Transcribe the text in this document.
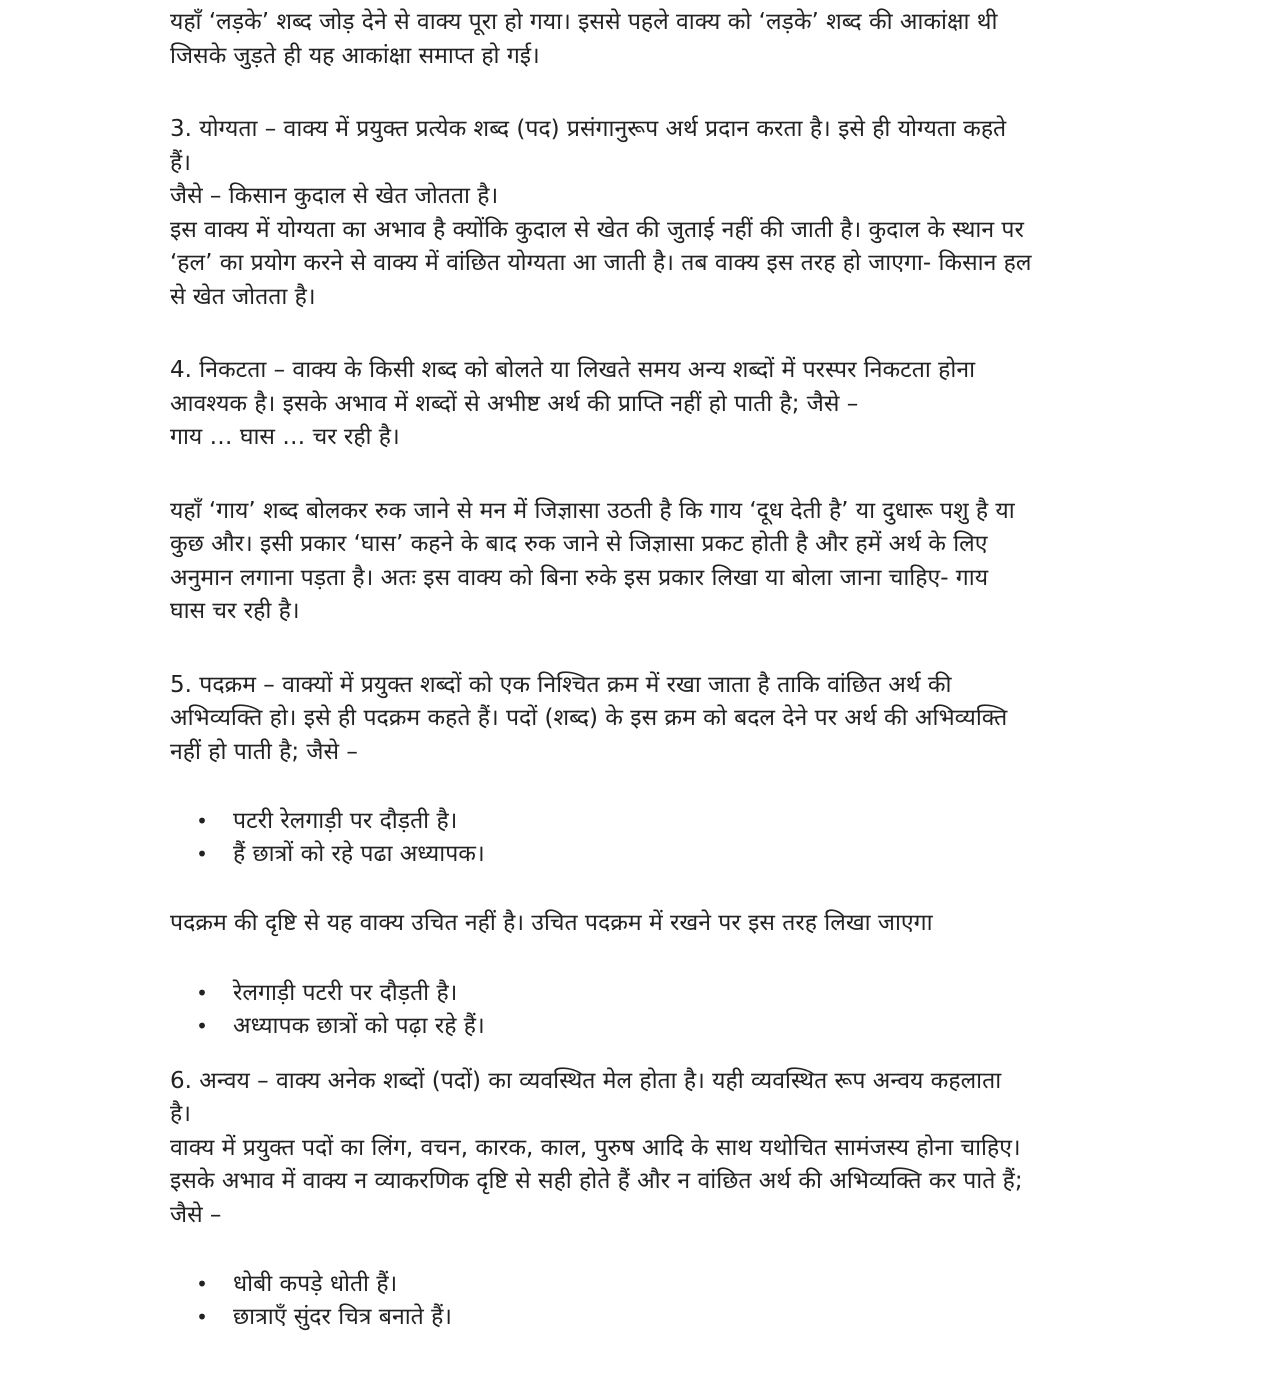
यहाँ ‘लड़के’ शब्द जोड़ देने से वाक्य पूरा हो गया। इससे पहले वाक्य को ‘लड़के’ शब्द की आकांक्षा थी

जिसके जुड़ते ही यह आकांक्षा समाप्त हो गई।

3. योग्यता – वाक्य में प्रयुक्त प्रत्येक शब्द (पद) प्रसंगानुरूप अर्थ प्रदान करता है। इसे ही योग्यता कहते

हैं।

जैसे – किसान कुदाल से खेत जोतता है।

इस वाक्य में योग्यता का अभाव है क्योंकि कुदाल से खेत की जुताई नहीं की जाती है। कुदाल के स्थान पर

‘हल’ का प्रयोग करने से वाक्य में वांछित योग्यता आ जाती है। तब वाक्य इस तरह हो जाएगा- किसान हल

से खेत जोतता है।

4. निकटता – वाक्य के किसी शब्द को बोलते या लिखते समय अन्य शब्दों में परस्पर निकटता होना

आवश्यक है। इसके अभाव में शब्दों से अभीष्ट अर्थ की प्राप्ति नहीं हो पाती है; जैसे –

गाय … घास … चर रही है।

यहाँ ‘गाय’ शब्द बोलकर रुक जाने से मन में जिज्ञासा उठती है कि गाय ‘दूध देती है’ या दुधारू पशु है या

कुछ और। इसी प्रकार ‘घास’ कहने के बाद रुक जाने से जिज्ञासा प्रकट होती है और हमें अर्थ के लिए

अनुमान लगाना पड़ता है। अतः इस वाक्य को बिना रुके इस प्रकार लिखा या बोला जाना चाहिए- गाय

घास चर रही है।

5. पदक्रम – वाक्यों में प्रयुक्त शब्दों को एक निश्चित क्रम में रखा जाता है ताकि वांछित अर्थ की

अभिव्यक्ति हो। इसे ही पदक्रम कहते हैं। पदों (शब्द) के इस क्रम को बदल देने पर अर्थ की अभिव्यक्ति

नहीं हो पाती है; जैसे –

• पटरी रेलगाड़ी पर दौड़ती है।
• हैं छात्रों को रहे पढा अध्यापक।

पदक्रम की दृष्टि से यह वाक्य उचित नहीं है। उचित पदक्रम में रखने पर इस तरह लिखा जाएगा

• रेलगाड़ी पटरी पर दौड़ती है।
• अध्यापक छात्रों को पढ़ा रहे हैं।

6. अन्वय – वाक्य अनेक शब्दों (पदों) का व्यवस्थित मेल होता है। यही व्यवस्थित रूप अन्वय कहलाता

है।

वाक्य में प्रयुक्त पदों का लिंग, वचन, कारक, काल, पुरुष आदि के साथ यथोचित सामंजस्य होना चाहिए।

इसके अभाव में वाक्य न व्याकरणिक दृष्टि से सही होते हैं और न वांछित अर्थ की अभिव्यक्ति कर पाते हैं;

जैसे –

• धोबी कपड़े धोती हैं।
• छात्राएँ सुंदर चित्र बनाते हैं।
